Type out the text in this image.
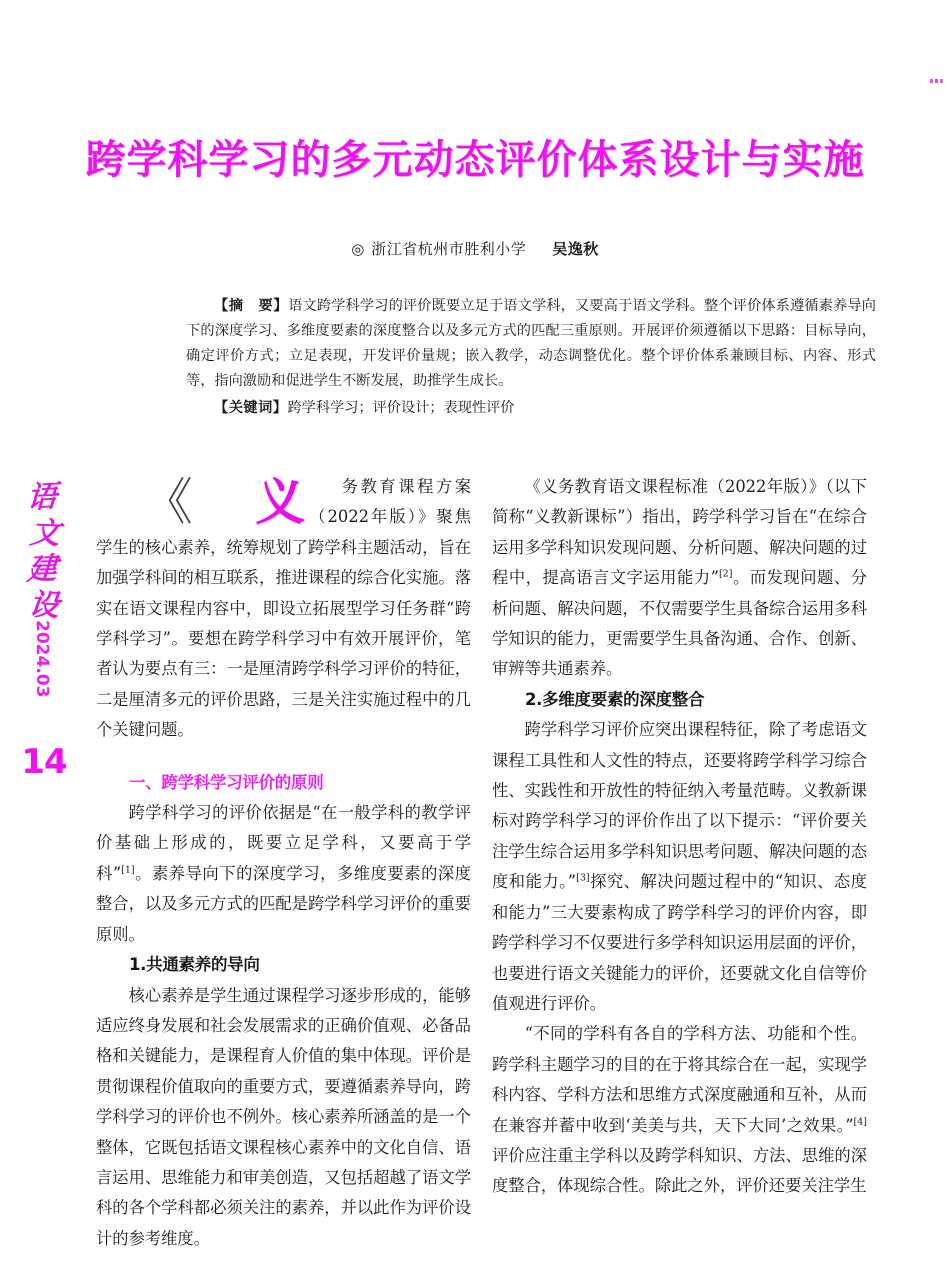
跨学科学习的多元动态评价体系设计与实施
◎ 浙江省杭州市胜利小学 吴逸秋

【摘　要】语文跨学科学习的评价既要立足于语文学科，又要高于语文学科。整个评价体系遵循素养导向下的深度学习、多维度要素的深度整合以及多元方式的匹配三重原则。开展评价须遵循以下思路：目标导向，确定评价方式；立足表现，开发评价量规；嵌入教学，动态调整优化。整个评价体系兼顾目标、内容、形式等，指向激励和促进学生不断发展，助推学生成长。

【关键词】跨学科学习；评价设计；表现性评价

语
文
建
设
2024.03
14

《	义 务教育课程方案（2022年版）》聚焦学生的核心素养，统筹规划了跨学科主题活动，旨在加强学科间的相互联系，推进课程的综合化实施。落实在语文课程内容中，即设立拓展型学习任务群“跨学科学习”。要想在跨学科学习中有效开展评价，笔者认为要点有三：一是厘清跨学科学习评价的特征，二是厘清多元的评价思路，三是关注实施过程中的几个关键问题。

一、跨学科学习评价的原则

跨学科学习的评价依据是“在一般学科的教学评价基础上形成的，既要立足学科，又要高于学科”[1]。素养导向下的深度学习，多维度要素的深度整合，以及多元方式的匹配是跨学科学习评价的重要原则。

1.共通素养的导向

核心素养是学生通过课程学习逐步形成的，能够适应终身发展和社会发展需求的正确价值观、必备品格和关键能力，是课程育人价值的集中体现。评价是贯彻课程价值取向的重要方式，要遵循素养导向，跨学科学习的评价也不例外。核心素养所涵盖的是一个整体，它既包括语文课程核心素养中的文化自信、语言运用、思维能力和审美创造，又包括超越了语文学科的各个学科都必须关注的素养，并以此作为评价设计的参考维度。

《义务教育语文课程标准（2022年版）》（以下简称“义教新课标”）指出，跨学科学习旨在“在综合运用多学科知识发现问题、分析问题、解决问题的过程中，提高语言文字运用能力”[2]。而发现问题、分析问题、解决问题，不仅需要学生具备综合运用多科学知识的能力，更需要学生具备沟通、合作、创新、审辨等共通素养。

2.多维度要素的深度整合

跨学科学习评价应突出课程特征，除了考虑语文课程工具性和人文性的特点，还要将跨学科学习综合性、实践性和开放性的特征纳入考量范畴。义教新课标对跨学科学习的评价作出了以下提示：“评价要关注学生综合运用多学科知识思考问题、解决问题的态度和能力。”[3]探究、解决问题过程中的“知识、态度和能力”三大要素构成了跨学科学习的评价内容，即跨学科学习不仅要进行多学科知识运用层面的评价，也要进行语文关键能力的评价，还要就文化自信等价值观进行评价。

“不同的学科有各自的学科方法、功能和个性。跨学科主题学习的目的在于将其综合在一起，实现学科内容、学科方法和思维方式深度融通和互补，从而在兼容并蓄中收到‘美美与共，天下大同’之效果。”[4]评价应注重主学科以及跨学科知识、方法、思维的深度整合，体现综合性。除此之外，评价还要关注学生
